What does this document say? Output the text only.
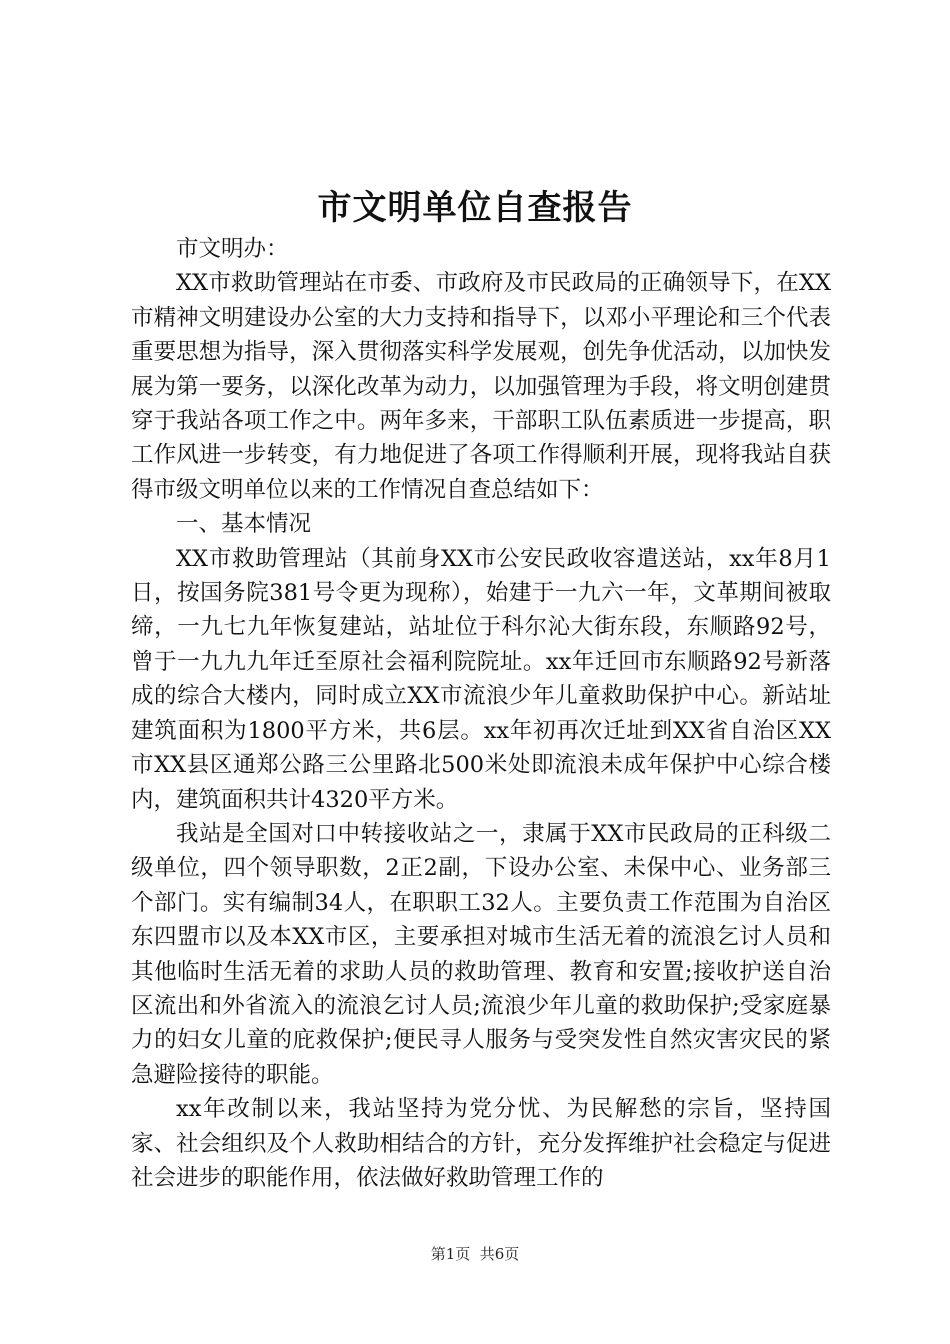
市文明单位自查报告

市文明办：

XX市救助管理站在市委、市政府及市民政局的正确领导下，在XX市精神文明建设办公室的大力支持和指导下，以邓小平理论和三个代表重要思想为指导，深入贯彻落实科学发展观，创先争优活动，以加快发展为第一要务，以深化改革为动力，以加强管理为手段，将文明创建贯穿于我站各项工作之中。两年多来，干部职工队伍素质进一步提高，职工作风进一步转变，有力地促进了各项工作得顺利开展，现将我站自获得市级文明单位以来的工作情况自查总结如下：

一、基本情况

XX市救助管理站（其前身XX市公安民政收容遣送站，xx年8月1日，按国务院381号令更为现称），始建于一九六一年，文革期间被取缔，一九七九年恢复建站，站址位于科尔沁大街东段，东顺路92号，曾于一九九九年迁至原社会福利院院址。xx年迁回市东顺路92号新落成的综合大楼内，同时成立XX市流浪少年儿童救助保护中心。新站址建筑面积为1800平方米，共6层。xx年初再次迁址到XX省自治区XX市XX县区通郑公路三公里路北500米处即流浪未成年保护中心综合楼内，建筑面积共计4320平方米。

我站是全国对口中转接收站之一，隶属于XX市民政局的正科级二级单位，四个领导职数，2正2副，下设办公室、未保中心、业务部三个部门。实有编制34人，在职职工32人。主要负责工作范围为自治区东四盟市以及本XX市区，主要承担对城市生活无着的流浪乞讨人员和其他临时生活无着的求助人员的救助管理、教育和安置;接收护送自治区流出和外省流入的流浪乞讨人员;流浪少年儿童的救助保护;受家庭暴力的妇女儿童的庇救保护;便民寻人服务与受突发性自然灾害灾民的紧急避险接待的职能。

xx年改制以来，我站坚持为党分忧、为民解愁的宗旨，坚持国家、社会组织及个人救助相结合的方针，充分发挥维护社会稳定与促进社会进步的职能作用，依法做好救助管理工作的

第1页  共6页
